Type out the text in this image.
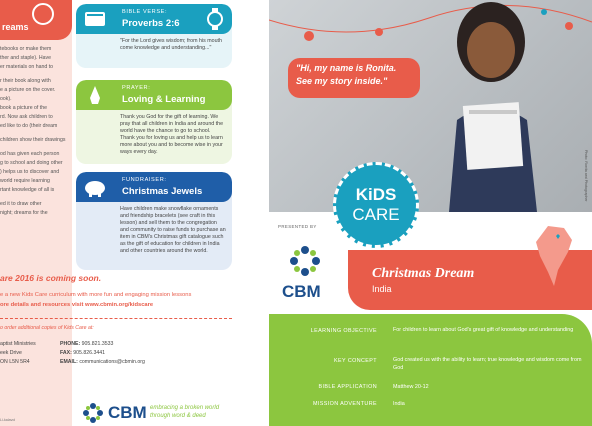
reams
tebooks or make them
ther and staple). Have
er materials on hand to
r their book along with
e a picture on the cover.
ook).
book a picture of the
rd. Now ask children to
ed like to do (their dream
children show their drawings
od has given each person
g to school and doing other
) helps us to discover and
world require learning
rtant knowledge of all is
ed it to draw other
night; dreams for the
BIBLE VERSE:
Proverbs 2:6
"For the Lord gives wisdom; from his mouth come knowledge and understanding..."
PRAYER:
Loving & Learning
Thank you God for the gift of learning. We pray that all children in India and around the world have the chance to go to school. Thank you for loving us and help us to learn more about you and to become wise in your ways every day.
FUNDRAISER:
Christmas Jewels
Have children make snowflake ornaments and friendship bracelets (see craft in this lesson) and sell them to the congregation and community to raise funds to purchase an item in CBM's Christmas gift catalogue such as the gift of education for children in India and other countries around the world.
are 2016 is coming soon.
e a new Kids Care curriculum with more fun and engaging mission lessons
ore details and resources visit www.cbmin.org/kidscare
o order additional copies of Kids Care at:
aptist Ministries
eek Drive
ON L5N 5R4
PHONE: 905.821.3533
FAX: 905.826.3441
EMAIL: communications@cbmin.org
CBM embracing a broken world
through word & deed
Li-kalavol
Photo: Ronita and Photographer
"Hi, my name is Ronita. See my story inside."
KiDS
CARE
PRESENTED BY
CBM
Christmas Dream
India
LEARNING OBJECTIVE	For children to learn about God's great gift of knowledge and understanding
KEY CONCEPT	God created us with the ability to learn; true knowledge and wisdom come from God
BIBLE APPLICATION	Matthew 20-12
MISSION ADVENTURE	India
